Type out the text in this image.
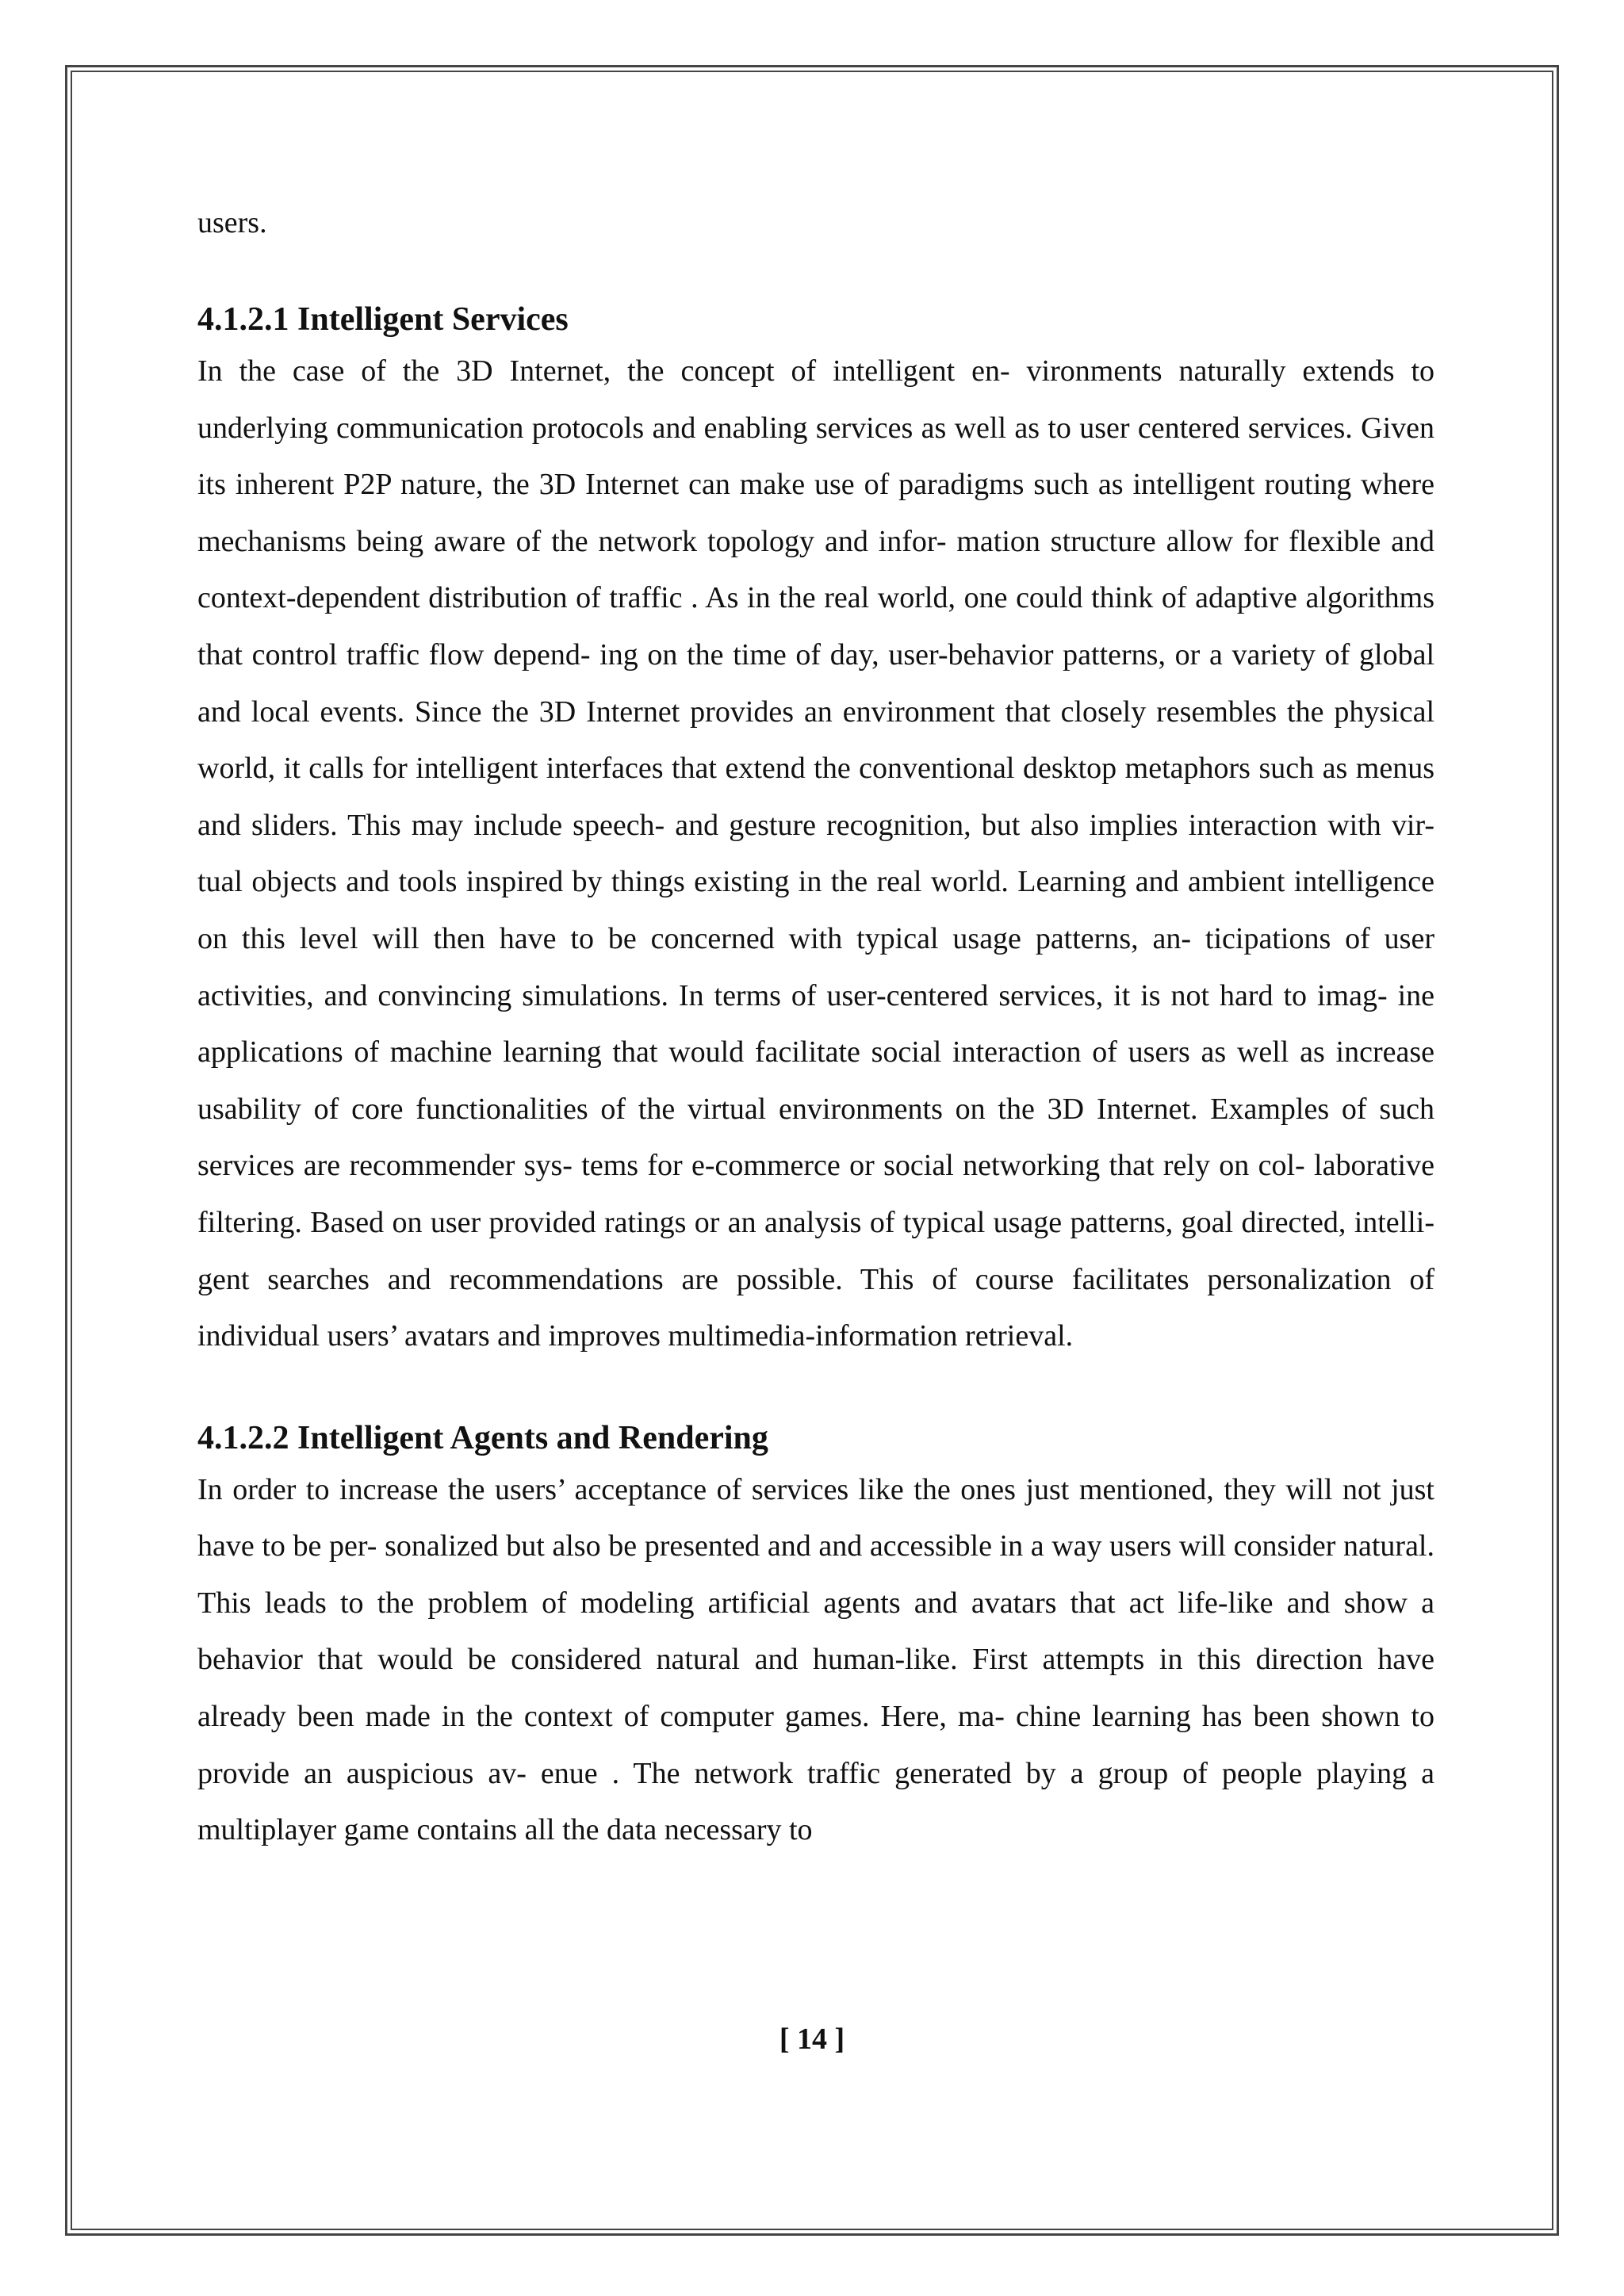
users.

4.1.2.1 Intelligent Services

In the case of the 3D Internet, the concept of intelligent en- vironments naturally extends to underlying communication protocols and enabling services as well as to user centered services. Given its inherent P2P nature, the 3D Internet can make use of paradigms such as intelligent routing where mechanisms being aware of the network topology and infor- mation structure allow for flexible and context-dependent distribution of traffic . As in the real world, one could think of adaptive algorithms that control traffic flow depend- ing on the time of day, user-behavior patterns, or a variety of global and local events. Since the 3D Internet provides an environment that closely resembles the physical world, it calls for intelligent interfaces that extend the conventional desktop metaphors such as menus and sliders. This may include speech- and gesture recognition, but also implies interaction with vir- tual objects and tools inspired by things existing in the real world. Learning and ambient intelligence on this level will then have to be concerned with typical usage patterns, an- ticipations of user activities, and convincing simulations. In terms of user-centered services, it is not hard to imag- ine applications of machine learning that would facilitate social interaction of users as well as increase usability of core functionalities of the virtual environments on the 3D Internet. Examples of such services are recommender sys- tems for e-commerce or social networking that rely on col- laborative filtering. Based on user provided ratings or an analysis of typical usage patterns, goal directed, intelli- gent searches and recommendations are possible. This of course facilitates personalization of individual users’ avatars and improves multimedia-information retrieval.

4.1.2.2 Intelligent Agents and Rendering

In order to increase the users’ acceptance of services like the ones just mentioned, they will not just have to be per- sonalized but also be presented and and accessible in a way users will consider natural. This leads to the problem of modeling artificial agents and avatars that act life-like and show a behavior that would be considered natural and human-like. First attempts in this direction have already been made in the context of computer games. Here, ma- chine learning has been shown to provide an auspicious av- enue . The network traffic generated by a group of people playing a multiplayer game contains all the data necessary to

[ 14 ]
